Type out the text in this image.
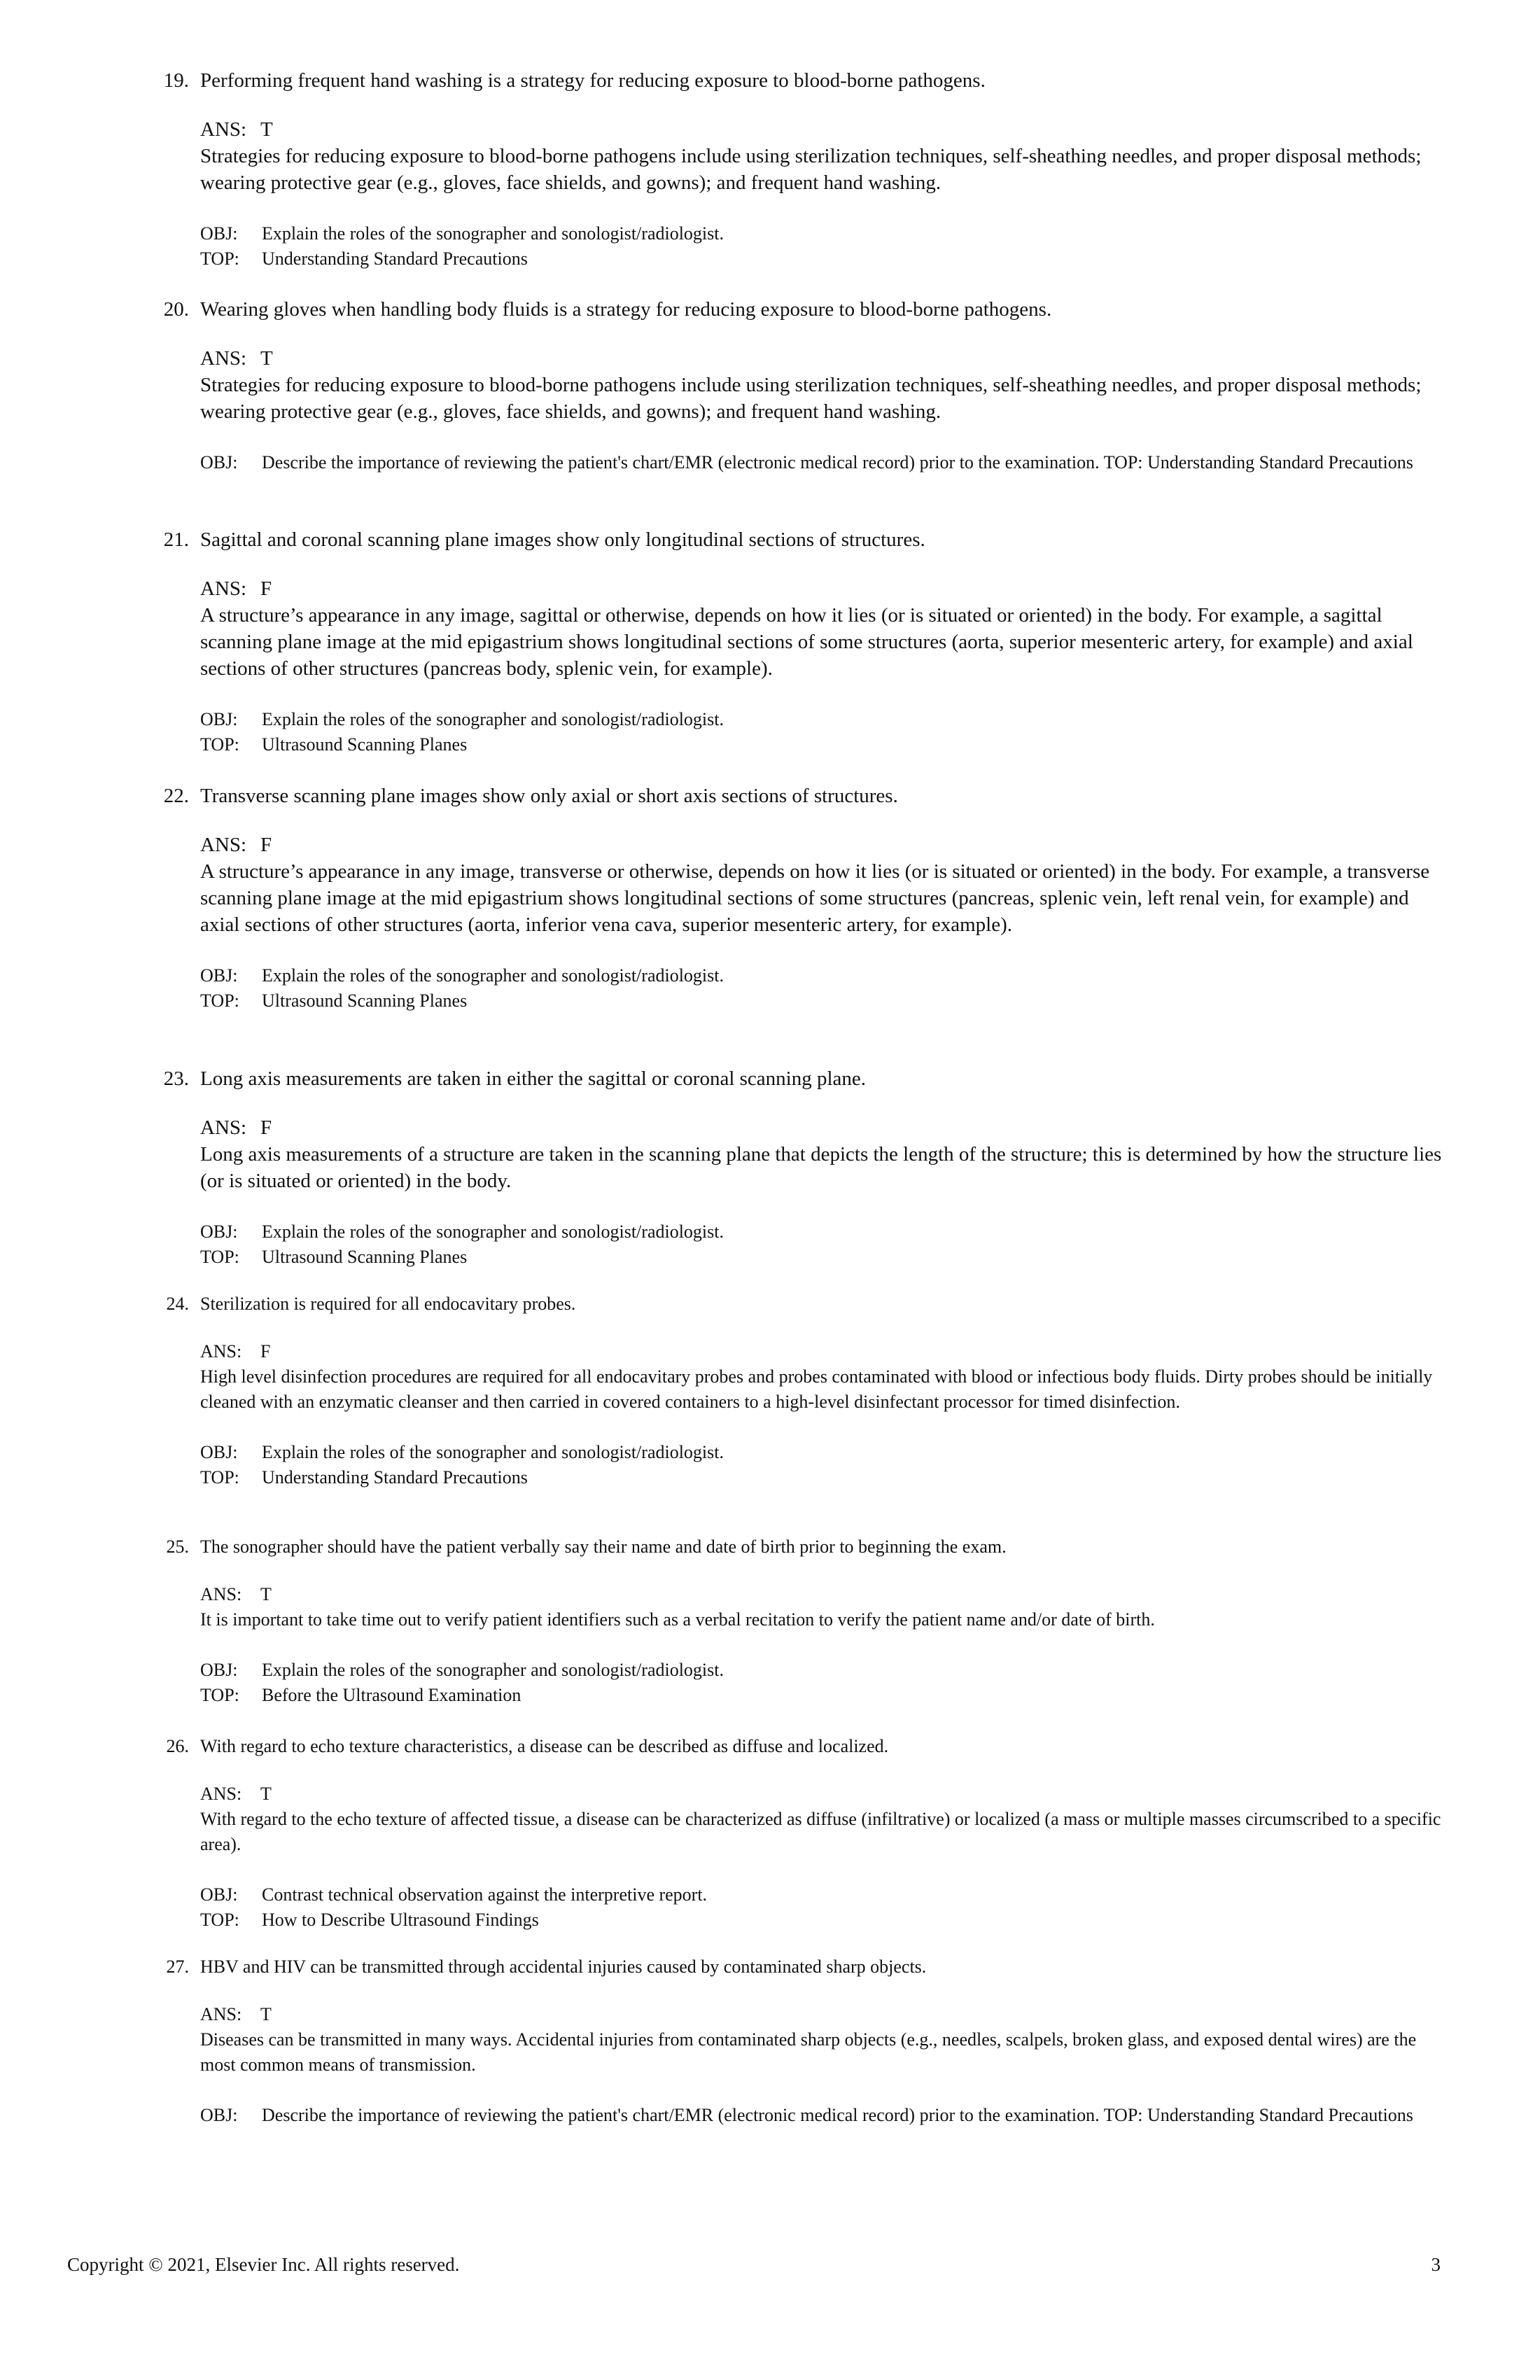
19. Performing frequent hand washing is a strategy for reducing exposure to blood-borne pathogens.
ANS: T
Strategies for reducing exposure to blood-borne pathogens include using sterilization techniques, self-sheathing needles, and proper disposal methods; wearing protective gear (e.g., gloves, face shields, and gowns); and frequent hand washing.
OBJ: Explain the roles of the sonographer and sonologist/radiologist.
TOP: Understanding Standard Precautions
20. Wearing gloves when handling body fluids is a strategy for reducing exposure to blood-borne pathogens.
ANS: T
Strategies for reducing exposure to blood-borne pathogens include using sterilization techniques, self-sheathing needles, and proper disposal methods; wearing protective gear (e.g., gloves, face shields, and gowns); and frequent hand washing.
OBJ: Describe the importance of reviewing the patient's chart/EMR (electronic medical record) prior to the examination. TOP: Understanding Standard Precautions
21. Sagittal and coronal scanning plane images show only longitudinal sections of structures.
ANS: F
A structure’s appearance in any image, sagittal or otherwise, depends on how it lies (or is situated or oriented) in the body. For example, a sagittal scanning plane image at the mid epigastrium shows longitudinal sections of some structures (aorta, superior mesenteric artery, for example) and axial sections of other structures (pancreas body, splenic vein, for example).
OBJ: Explain the roles of the sonographer and sonologist/radiologist.
TOP: Ultrasound Scanning Planes
22. Transverse scanning plane images show only axial or short axis sections of structures.
ANS: F
A structure’s appearance in any image, transverse or otherwise, depends on how it lies (or is situated or oriented) in the body. For example, a transverse scanning plane image at the mid epigastrium shows longitudinal sections of some structures (pancreas, splenic vein, left renal vein, for example) and axial sections of other structures (aorta, inferior vena cava, superior mesenteric artery, for example).
OBJ: Explain the roles of the sonographer and sonologist/radiologist.
TOP: Ultrasound Scanning Planes
23. Long axis measurements are taken in either the sagittal or coronal scanning plane.
ANS: F
Long axis measurements of a structure are taken in the scanning plane that depicts the length of the structure; this is determined by how the structure lies (or is situated or oriented) in the body.
OBJ: Explain the roles of the sonographer and sonologist/radiologist.
TOP: Ultrasound Scanning Planes
24. Sterilization is required for all endocavitary probes.
ANS: F
High level disinfection procedures are required for all endocavitary probes and probes contaminated with blood or infectious body fluids. Dirty probes should be initially cleaned with an enzymatic cleanser and then carried in covered containers to a high-level disinfectant processor for timed disinfection.
OBJ: Explain the roles of the sonographer and sonologist/radiologist.
TOP: Understanding Standard Precautions
25. The sonographer should have the patient verbally say their name and date of birth prior to beginning the exam.
ANS: T
It is important to take time out to verify patient identifiers such as a verbal recitation to verify the patient name and/or date of birth.
OBJ: Explain the roles of the sonographer and sonologist/radiologist.
TOP: Before the Ultrasound Examination
26. With regard to echo texture characteristics, a disease can be described as diffuse and localized.
ANS: T
With regard to the echo texture of affected tissue, a disease can be characterized as diffuse (infiltrative) or localized (a mass or multiple masses circumscribed to a specific area).
OBJ: Contrast technical observation against the interpretive report.
TOP: How to Describe Ultrasound Findings
27. HBV and HIV can be transmitted through accidental injuries caused by contaminated sharp objects.
ANS: T
Diseases can be transmitted in many ways. Accidental injuries from contaminated sharp objects (e.g., needles, scalpels, broken glass, and exposed dental wires) are the most common means of transmission.
OBJ: Describe the importance of reviewing the patient's chart/EMR (electronic medical record) prior to the examination. TOP: Understanding Standard Precautions
Copyright © 2021, Elsevier Inc. All rights reserved.	3
